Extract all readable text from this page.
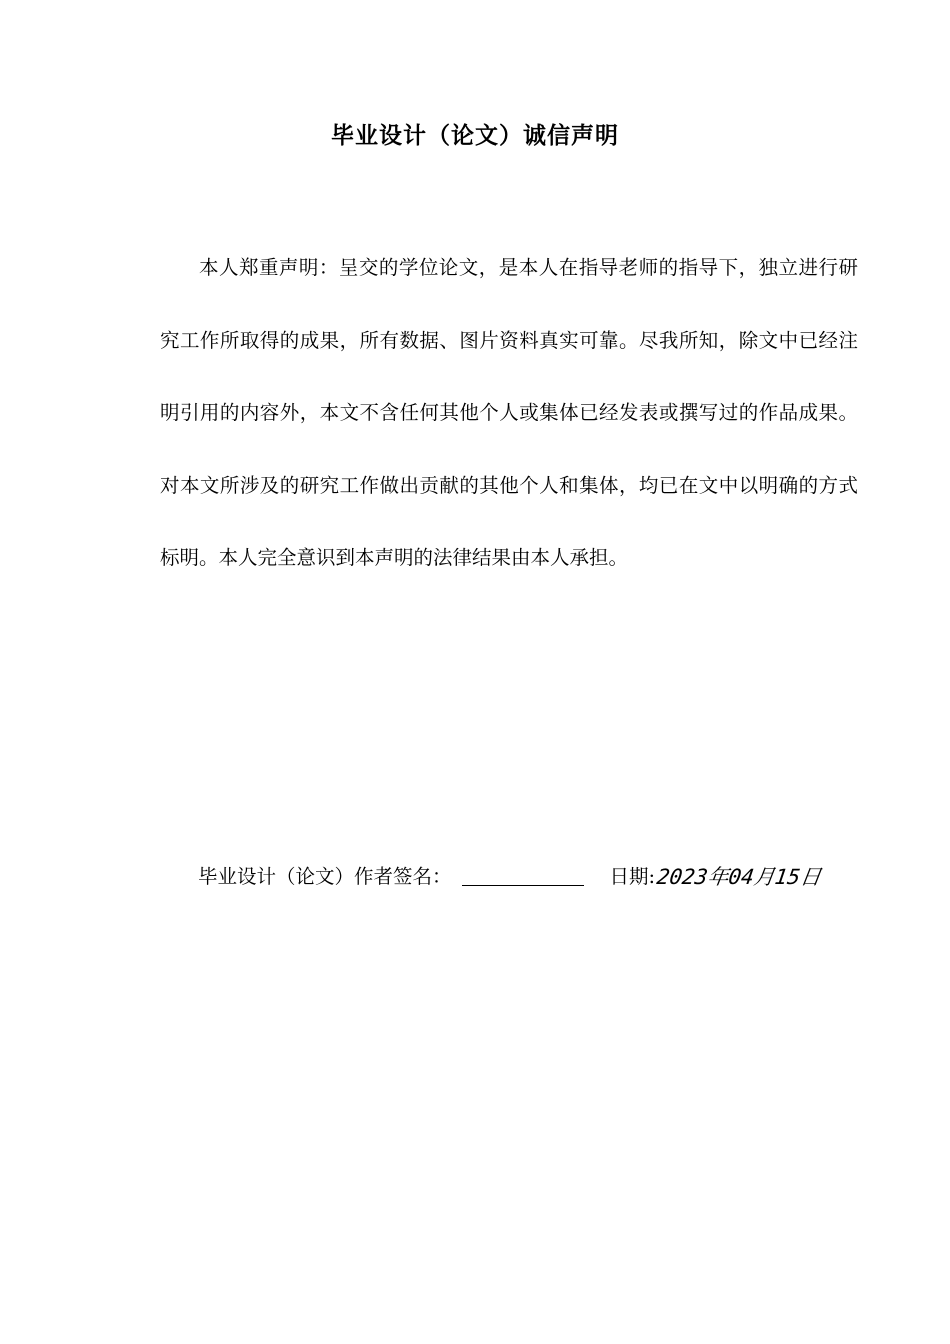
毕业设计（论文）诚信声明

本人郑重声明：呈交的学位论文，是本人在指导老师的指导下，独立进行研究工作所取得的成果，所有数据、图片资料真实可靠。尽我所知，除文中已经注明引用的内容外，本文不含任何其他个人或集体已经发表或撰写过的作品成果。对本文所涉及的研究工作做出贡献的其他个人和集体，均已在文中以明确的方式标明。本人完全意识到本声明的法律结果由本人承担。

毕业设计（论文）作者签名：	日期: 2023年04月15日
